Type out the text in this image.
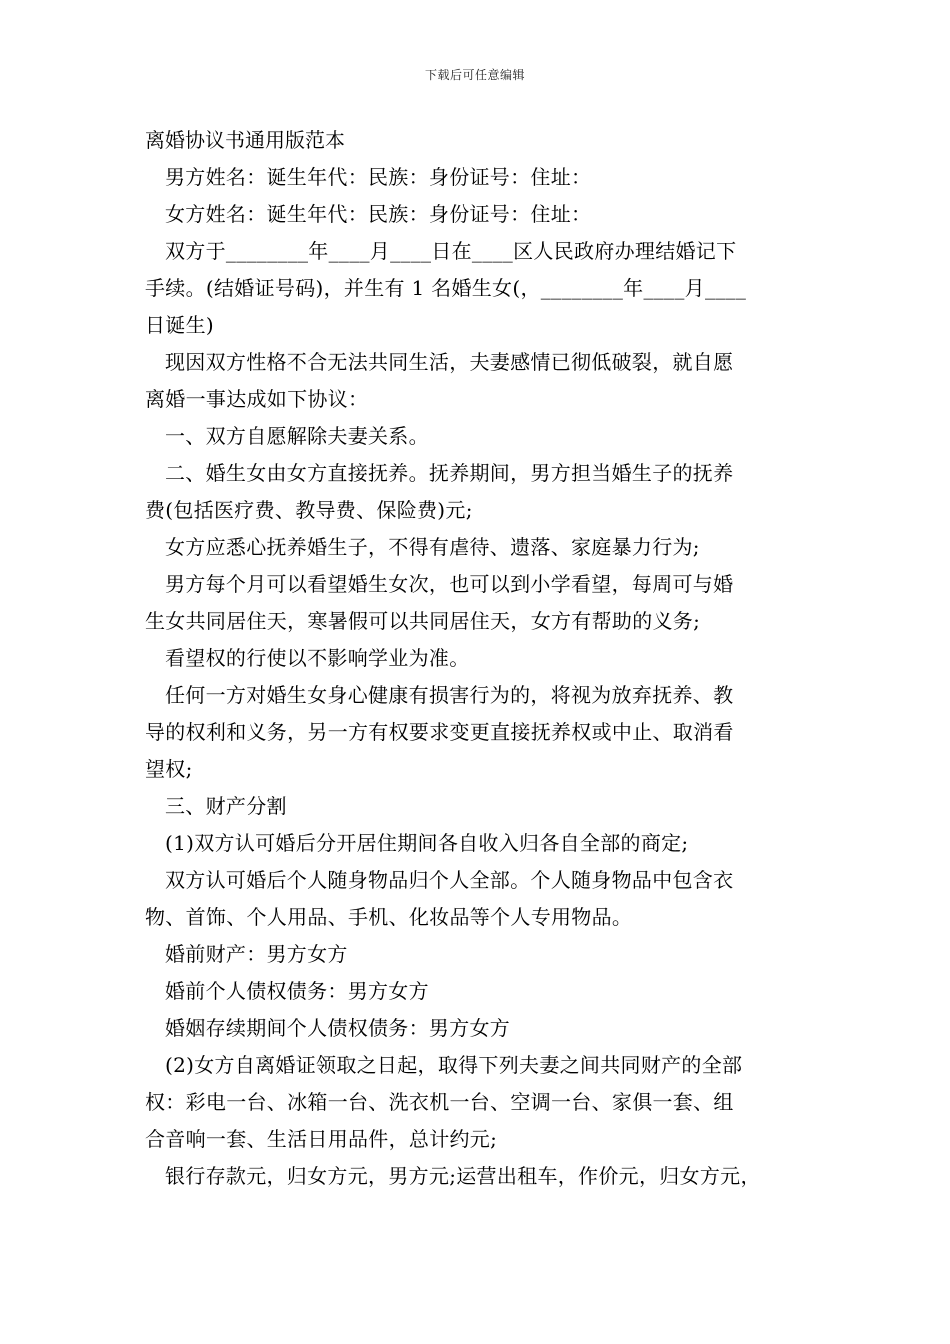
下载后可任意编辑
离婚协议书通用版范本
男方姓名：诞生年代：民族：身份证号：住址：
女方姓名：诞生年代：民族：身份证号：住址：
双方于________年____月____日在____区人民政府办理结婚记下
手续。(结婚证号码)，并生有 1 名婚生女(，________年____月____
日诞生)
现因双方性格不合无法共同生活，夫妻感情已彻低破裂，就自愿
离婚一事达成如下协议：
一、双方自愿解除夫妻关系。
二、婚生女由女方直接抚养。抚养期间，男方担当婚生子的抚养
费(包括医疗费、教导费、保险费)元;
女方应悉心抚养婚生子，不得有虐待、遗落、家庭暴力行为;
男方每个月可以看望婚生女次，也可以到小学看望，每周可与婚
生女共同居住天，寒暑假可以共同居住天，女方有帮助的义务;
看望权的行使以不影响学业为准。
任何一方对婚生女身心健康有损害行为的，将视为放弃抚养、教
导的权利和义务，另一方有权要求变更直接抚养权或中止、取消看
望权;
三、财产分割
(1)双方认可婚后分开居住期间各自收入归各自全部的商定;
双方认可婚后个人随身物品归个人全部。个人随身物品中包含衣
物、首饰、个人用品、手机、化妆品等个人专用物品。
婚前财产：男方女方
婚前个人债权债务：男方女方
婚姻存续期间个人债权债务：男方女方
(2)女方自离婚证领取之日起，取得下列夫妻之间共同财产的全部
权：彩电一台、冰箱一台、洗衣机一台、空调一台、家俱一套、组
合音响一套、生活日用品件，总计约元;
银行存款元，归女方元，男方元;运营出租车，作价元，归女方元，
